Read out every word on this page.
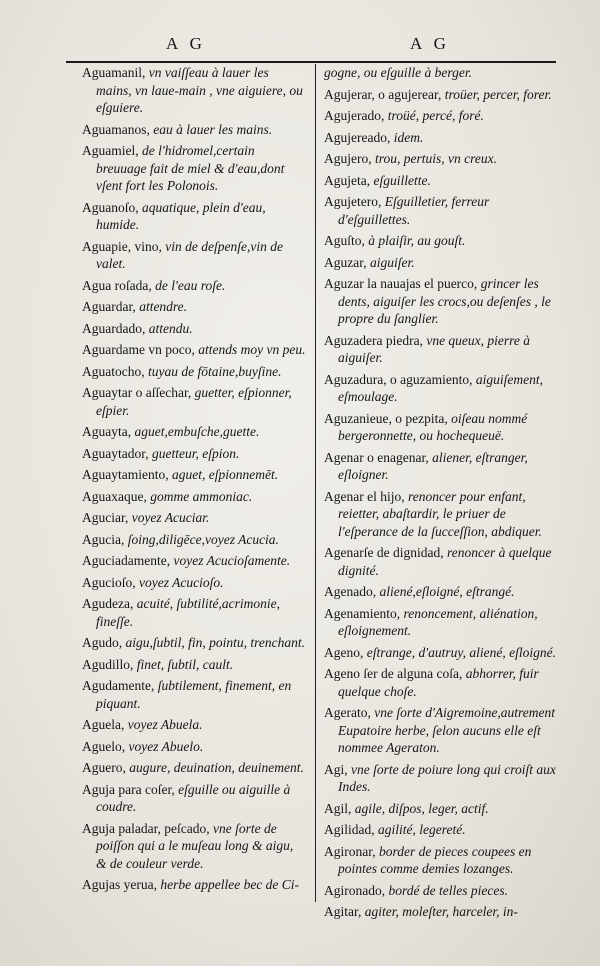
A G	A G

Aguamanil, vn vaiſſeau à lauer les mains, vn laue-main , vne aiguiere, ou eſguiere.

Aguamanos, eau à lauer les mains.

Aguamiel, de l'hidromel,certain breuuage fait de miel & d'eau,dont vſent fort les Polonois.

Aguanoſo, aquatique, plein d'eau, humide.

Aguapie, vino, vin de deſpenſe,vin de valet.

Agua roſada, de l'eau roſe.

Aguardar, attendre.

Aguardado, attendu.

Aguardame vn poco, attends moy vn peu.

Aguatocho, tuyau de fōtaine,buyſine.

Aguaytar o aſſechar, guetter, eſpionner, eſpier.

Aguayta, aguet,embuſche,guette.

Aguaytador, guetteur, eſpion.

Aguaytamiento, aguet, eſpionnemēt.

Aguaxaque, gomme ammoniac.

Aguciar, voyez Acuciar.

Agucia, ſoing,diligēce,voyez Acucia.

Aguciadamente, voyez Acucioſamente.

Agucioſo, voyez Acucioſo.

Agudeza, acuité, ſubtilité,acrimonie, fineſſe.

Agudo, aigu,ſubtil, fin, pointu, trenchant.

Agudillo, finet, ſubtil, cault.

Agudamente, ſubtilement, finement, en piquant.

Aguela, voyez Abuela.

Aguelo, voyez Abuelo.

Aguero, augure, deuination, deuinement.

Aguja para coſer, eſguille ou aiguille à coudre.

Aguja paladar, peſcado, vne ſorte de poiſſon qui a le muſeau long & aigu, & de couleur verde.

Agujas yerua, herbe appellee bec de Ci-

gogne, ou eſguille à berger.

Agujerar, o agujerear, troüer, percer, forer.

Agujerado, troüé, percé, foré.

Agujereado, idem.

Agujero, trou, pertuis, vn creux.

Agujeta, eſguillette.

Agujetero, Eſguilletier, ferreur d'eſguillettes.

Aguſto, à plaiſir, au gouſt.

Aguzar, aiguiſer.

Aguzar la nauajas el puerco, grincer les dents, aiguiſer les crocs,ou deſenſes , le propre du ſanglier.

Aguzadera piedra, vne queux, pierre à aiguiſer.

Aguzadura, o aguzamiento, aiguiſement, eſmoulage.

Aguzanieue, o pezpita, oiſeau nommé bergeronnette, ou hochequeuë.

Agenar o enagenar, aliener, eſtranger, eſloigner.

Agenar el hijo, renoncer pour enfant, reietter, abaſtardir, le priuer de l'eſperance de la ſucceſſion, abdiquer.

Agenarſe de dignidad, renoncer à quelque dignité.

Agenado, aliené,eſloigné, eſtrangé.

Agenamiento, renoncement, aliénation, eſloignement.

Ageno, eſtrange, d'autruy, aliené, eſloigné.

Ageno ſer de alguna coſa, abhorrer, fuir quelque choſe.

Agerato, vne ſorte d'Aigremoine,autrement Eupatoire herbe, ſelon aucuns elle eſt nommee Ageraton.

Agi, vne ſorte de poiure long qui croiſt aux Indes.

Agil, agile, diſpos, leger, actif.

Agilidad, agilité, legereté.

Agironar, border de pieces coupees en pointes comme demies lozanges.

Agironado, bordé de telles pieces.

Agitar, agiter, moleſter, harceler, in-
